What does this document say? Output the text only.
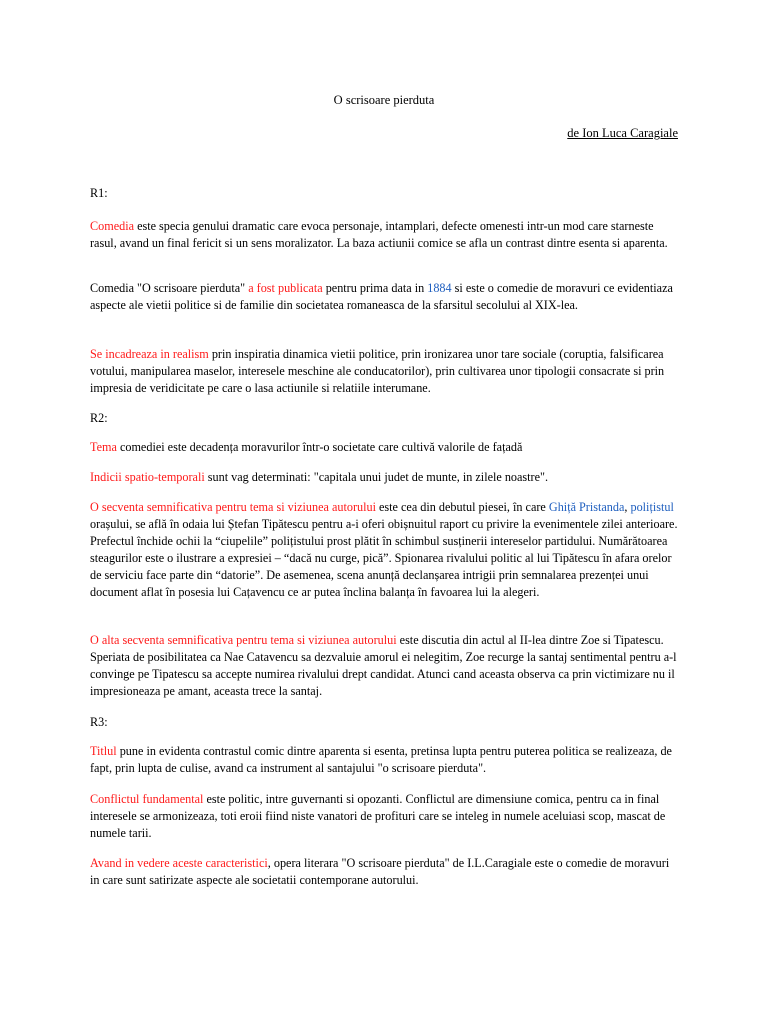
O scrisoare pierduta
de Ion Luca Caragiale

R1:

Comedia este specia genului dramatic care evoca personaje, intamplari, defecte omenesti intr-un mod care starneste rasul, avand un final fericit si un sens moralizator. La baza actiunii comice se afla un contrast dintre esenta si aparenta.

Comedia "O scrisoare pierduta" a fost publicata pentru prima data in 1884 si este o comedie de moravuri ce evidentiaza aspecte ale vietii politice si de familie din societatea romaneasca de la sfarsitul secolului al XIX-lea.

Se incadreaza in realism prin inspiratia dinamica vietii politice, prin ironizarea unor tare sociale (coruptia, falsificarea votului, manipularea maselor, interesele meschine ale conducatorilor), prin cultivarea unor tipologii consacrate si prin impresia de veridicitate pe care o lasa actiunile si relatiile interumane.

R2:

Tema comediei este decadența moravurilor într-o societate care cultivă valorile de fațadă

Indicii spatio-temporali sunt vag determinati: "capitala unui judet de munte, in zilele noastre".

O secventa semnificativa pentru tema si viziunea autorului este cea din debutul piesei, în care Ghiță Pristanda, polițistul orașului, se află în odaia lui Ștefan Tipătescu pentru a-i oferi obișnuitul raport cu privire la evenimentele zilei anterioare. Prefectul închide ochii la “ciupelile” polițistului prost plătit în schimbul susținerii intereselor partidului. Numărătoarea steagurilor este o ilustrare a expresiei – “dacă nu curge, pică”. Spionarea rivalului politic al lui Tipătescu în afara orelor de serviciu face parte din “datorie”. De asemenea, scena anunță declanșarea intrigii prin semnalarea prezenței unui document aflat în posesia lui Cațavencu ce ar putea înclina balanța în favoarea lui la alegeri.

O alta secventa semnificativa pentru tema si viziunea autorului este discutia din actul al II-lea dintre Zoe si Tipatescu. Speriata de posibilitatea ca Nae Catavencu sa dezvaluie amorul ei nelegitim, Zoe recurge la santaj sentimental pentru a-l convinge pe Tipatescu sa accepte numirea rivalului drept candidat. Atunci cand aceasta observa ca prin victimizare nu il impresioneaza pe amant, aceasta trece la santaj.

R3:

Titlul pune in evidenta contrastul comic dintre aparenta si esenta, pretinsa lupta pentru puterea politica se realizeaza, de fapt, prin lupta de culise, avand ca instrument al santajului "o scrisoare pierduta".

Conflictul fundamental este politic, intre guvernanti si opozanti. Conflictul are dimensiune comica, pentru ca in final interesele se armonizeaza, toti eroii fiind niste vanatori de profituri care se inteleg in numele aceluiasi scop, mascat de numele tarii.

Avand in vedere aceste caracteristici, opera literara "O scrisoare pierduta" de I.L.Caragiale este o comedie de moravuri in care sunt satirizate aspecte ale societatii contemporane autorului.
